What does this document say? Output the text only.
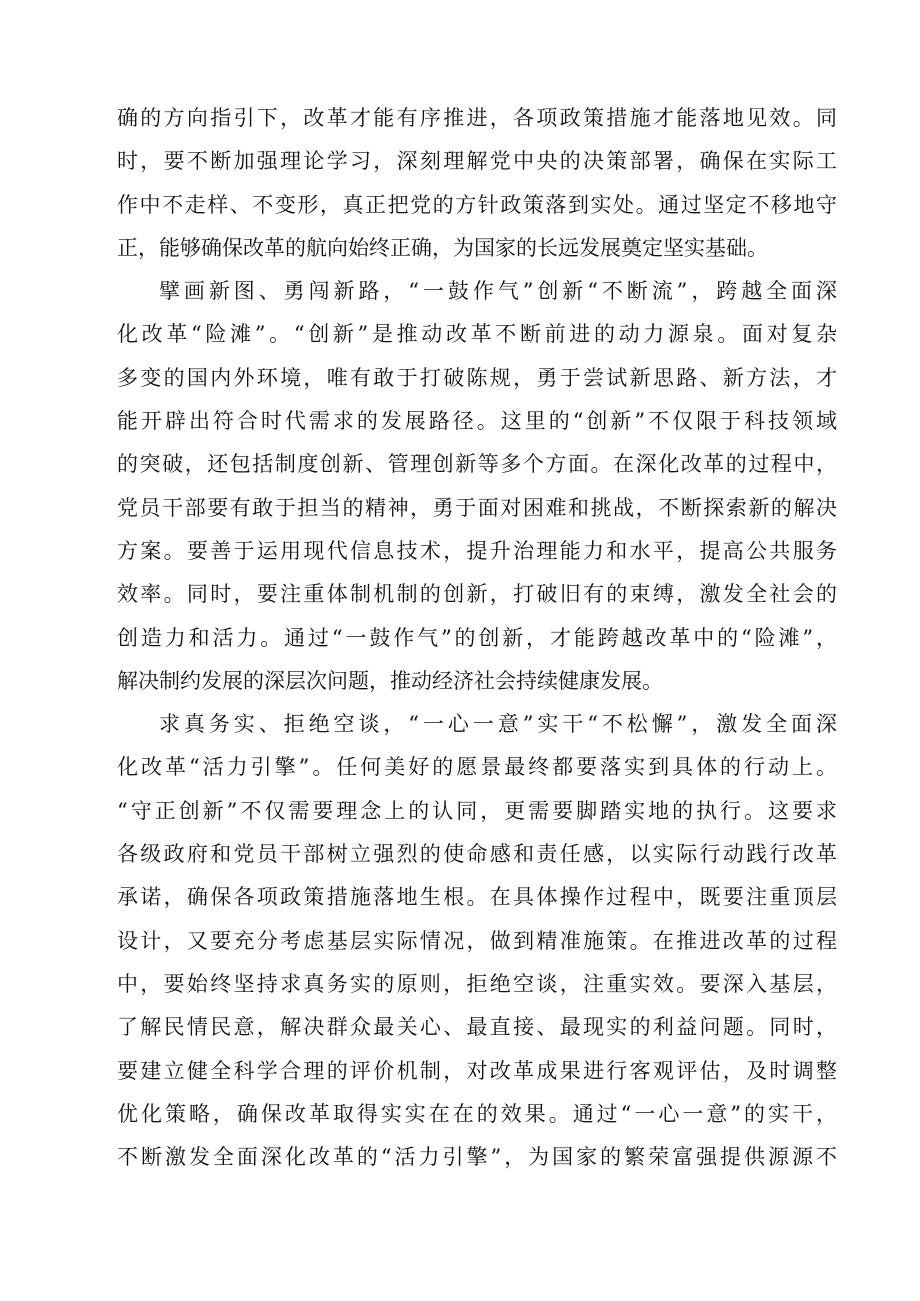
确的方向指引下，改革才能有序推进，各项政策措施才能落地见效。同
时，要不断加强理论学习，深刻理解党中央的决策部署，确保在实际工
作中不走样、不变形，真正把党的方针政策落到实处。通过坚定不移地守
正，能够确保改革的航向始终正确，为国家的长远发展奠定坚实基础。
擘画新图、勇闯新路，“一鼓作气”创新“不断流”，跨越全面深
化改革“险滩”。“创新”是推动改革不断前进的动力源泉。面对复杂
多变的国内外环境，唯有敢于打破陈规，勇于尝试新思路、新方法，才
能开辟出符合时代需求的发展路径。这里的“创新”不仅限于科技领域
的突破，还包括制度创新、管理创新等多个方面。在深化改革的过程中，
党员干部要有敢于担当的精神，勇于面对困难和挑战，不断探索新的解决
方案。要善于运用现代信息技术，提升治理能力和水平，提高公共服务
效率。同时，要注重体制机制的创新，打破旧有的束缚，激发全社会的
创造力和活力。通过“一鼓作气”的创新，才能跨越改革中的“险滩”，
解决制约发展的深层次问题，推动经济社会持续健康发展。
求真务实、拒绝空谈，“一心一意”实干“不松懈”，激发全面深
化改革“活力引擎”。任何美好的愿景最终都要落实到具体的行动上。
“守正创新”不仅需要理念上的认同，更需要脚踏实地的执行。这要求
各级政府和党员干部树立强烈的使命感和责任感，以实际行动践行改革
承诺，确保各项政策措施落地生根。在具体操作过程中，既要注重顶层
设计，又要充分考虑基层实际情况，做到精准施策。在推进改革的过程
中，要始终坚持求真务实的原则，拒绝空谈，注重实效。要深入基层，
了解民情民意，解决群众最关心、最直接、最现实的利益问题。同时，
要建立健全科学合理的评价机制，对改革成果进行客观评估，及时调整
优化策略，确保改革取得实实在在的效果。通过“一心一意”的实干，
不断激发全面深化改革的“活力引擎”，为国家的繁荣富强提供源源不
